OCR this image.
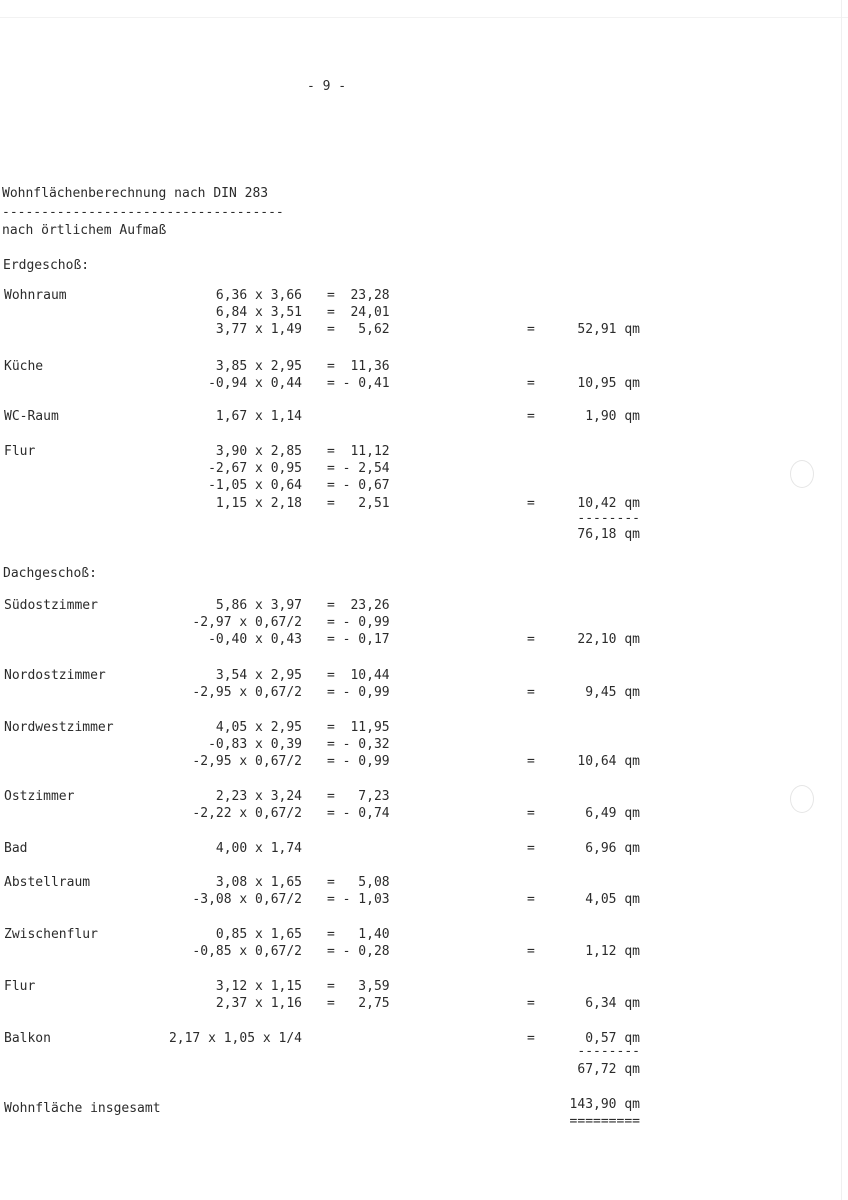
- 9 -
Wohnflächenberechnung nach DIN 283
------------------------------------
nach örtlichem Aufmaß
Erdgeschoß:
Wohnraum	6,36 x 3,66 =  23,28
6,84 x 3,51 =  24,01
3,77 x 1,49 =   5,62	=	52,91 qm
Küche	3,85 x 2,95 =  11,36
-0,94 x 0,44 = - 0,41	=	10,95 qm
WC-Raum	1,67 x 1,14	=	1,90 qm
Flur	3,90 x 2,85 =  11,12
-2,67 x 0,95 = - 2,54
-1,05 x 0,64 = - 0,67
1,15 x 2,18 =   2,51	=	10,42 qm
--------
76,18 qm
Dachgeschoß:
Südostzimmer	5,86 x 3,97 =  23,26
-2,97 x 0,67/2 = - 0,99
-0,40 x 0,43 = - 0,17	=	22,10 qm
Nordostzimmer	3,54 x 2,95 =  10,44
-2,95 x 0,67/2 = - 0,99	=	9,45 qm
Nordwestzimmer	4,05 x 2,95 =  11,95
-0,83 x 0,39 = - 0,32
-2,95 x 0,67/2 = - 0,99	=	10,64 qm
Ostzimmer	2,23 x 3,24 =   7,23
-2,22 x 0,67/2 = - 0,74	=	6,49 qm
Bad	4,00 x 1,74	=	6,96 qm
Abstellraum	3,08 x 1,65 =   5,08
-3,08 x 0,67/2 = - 1,03	=	4,05 qm
Zwischenflur	0,85 x 1,65 =   1,40
-0,85 x 0,67/2 = - 0,28	=	1,12 qm
Flur	3,12 x 1,15 =   3,59
2,37 x 1,16 =   2,75	=	6,34 qm
Balkon	2,17 x 1,05 x 1/4	=	0,57 qm
--------
67,72 qm
Wohnfläche insgesamt	143,90 qm
=========
